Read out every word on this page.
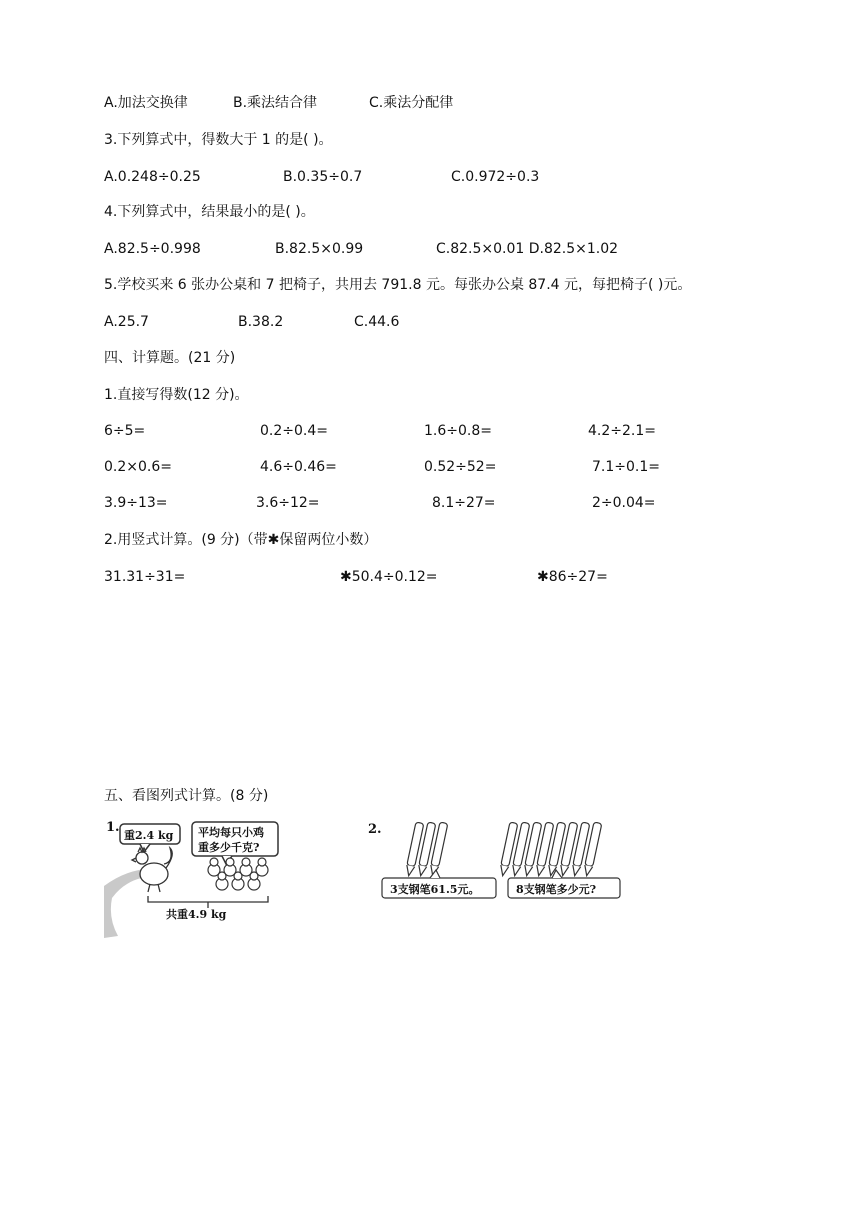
A.加法交换律	B.乘法结合律	C.乘法分配律
3.下列算式中，得数大于 1 的是( )。
A.0.248÷0.25	B.0.35÷0.7	C.0.972÷0.3
4.下列算式中，结果最小的是( )。
A.82.5÷0.998	B.82.5×0.99	C.82.5×0.01 D.82.5×1.02
5.学校买来 6 张办公桌和 7 把椅子，共用去 791.8 元。每张办公桌 87.4 元，每把椅子( )元。
A.25.7	B.38.2	C.44.6
四、计算题。(21 分)
1.直接写得数(12 分)。
6÷5=	0.2÷0.4=	1.6÷0.8=	4.2÷2.1=
0.2×0.6=	4.6÷0.46=	0.52÷52=	7.1÷0.1=
3.9÷13=	3.6÷12=	8.1÷27=	2÷0.04=
2.用竖式计算。(9 分)（带✱保留两位小数）
31.31÷31=	✱50.4÷0.12=	✱86÷27=
五、看图列式计算。(8 分)
1.
重2.4 kg 平均每只小鸡
重多少千克?
共重4.9 kg
2.
3支钢笔61.5元。	8支钢笔多少元?
